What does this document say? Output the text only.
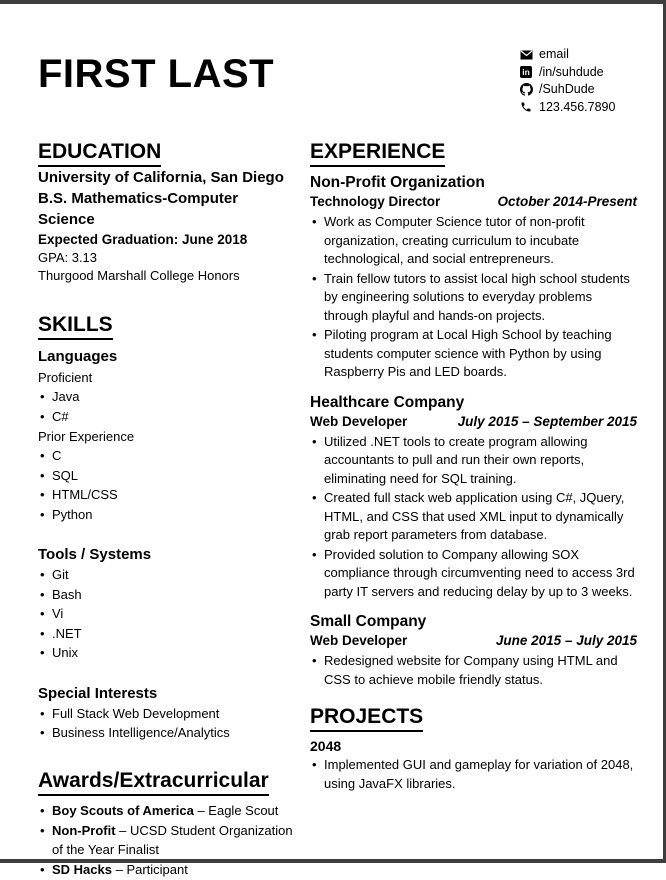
FIRST LAST	email
in /in/suhdude
/SuhDude
123.456.7890
EDUCATION
University of California, San Diego
B.S. Mathematics-Computer Science
Expected Graduation: June 2018
GPA: 3.13
Thurgood Marshall College Honors
SKILLS
Languages
Proficient
• Java
• C#
Prior Experience
• C
• SQL
• HTML/CSS
• Python
Tools / Systems
• Git
• Bash
• Vi
• .NET
• Unix
Special Interests
• Full Stack Web Development
• Business Intelligence/Analytics
Awards/Extracurricular
• Boy Scouts of America – Eagle Scout
• Non-Profit – UCSD Student Organization of the Year Finalist
• SD Hacks – Participant
EXPERIENCE
Non-Profit Organization
Technology Director	October 2014-Present
• Work as Computer Science tutor of non-profit organization, creating curriculum to incubate technological, and social entrepreneurs.
• Train fellow tutors to assist local high school students by engineering solutions to everyday problems through playful and hands-on projects.
• Piloting program at Local High School by teaching students computer science with Python by using Raspberry Pis and LED boards.
Healthcare Company
Web Developer	July 2015 – September 2015
• Utilized .NET tools to create program allowing accountants to pull and run their own reports, eliminating need for SQL training.
• Created full stack web application using C#, JQuery, HTML, and CSS that used XML input to dynamically grab report parameters from database.
• Provided solution to Company allowing SOX compliance through circumventing need to access 3rd party IT servers and reducing delay by up to 3 weeks.
Small Company
Web Developer	June 2015 – July 2015
• Redesigned website for Company using HTML and CSS to achieve mobile friendly status.
PROJECTS
2048
• Implemented GUI and gameplay for variation of 2048, using JavaFX libraries.
